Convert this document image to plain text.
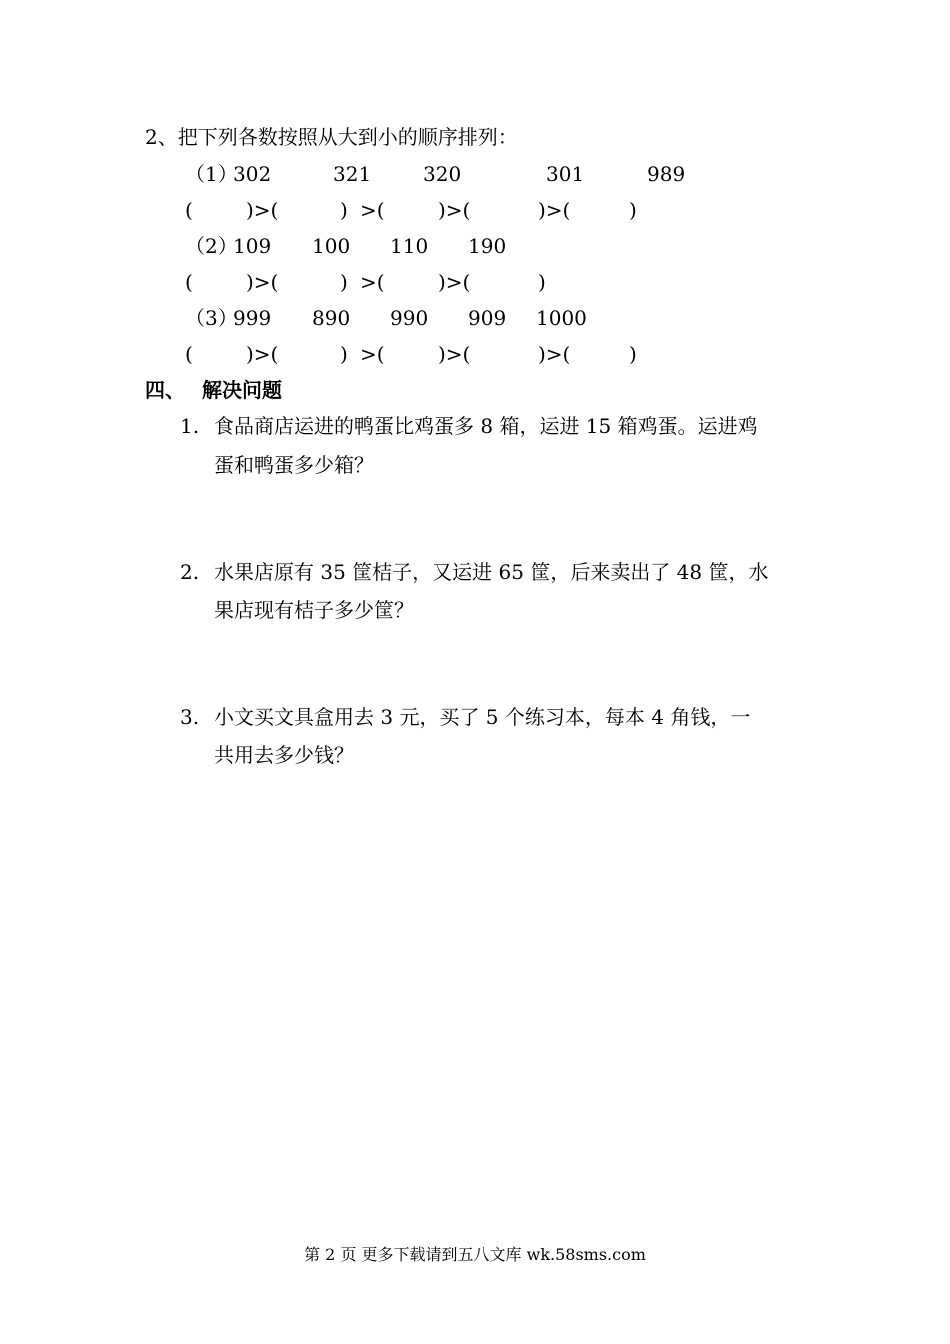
2、把下列各数按照从大到小的顺序排列：
（1）
302	321	320	301	989
(	)>(	) >(	)>(	)>(	)
（2）
109 100 110 190
(	)>(	) >(	)>(	)
（3）
999 890 990 909 1000
(	)>(	) >(	)>(	)>(	)
四、 解决问题
1. 食品商店运进的鸭蛋比鸡蛋多 8 箱，运进 15 箱鸡蛋。运进鸡
蛋和鸭蛋多少箱？
2. 水果店原有 35 筐桔子，又运进 65 筐，后来卖出了 48 筐，水
果店现有桔子多少筐？
3. 小文买文具盒用去 3 元，买了 5 个练习本，每本 4 角钱，一
共用去多少钱？
第 2 页 更多下载请到五八文库 wk.58sms.com
